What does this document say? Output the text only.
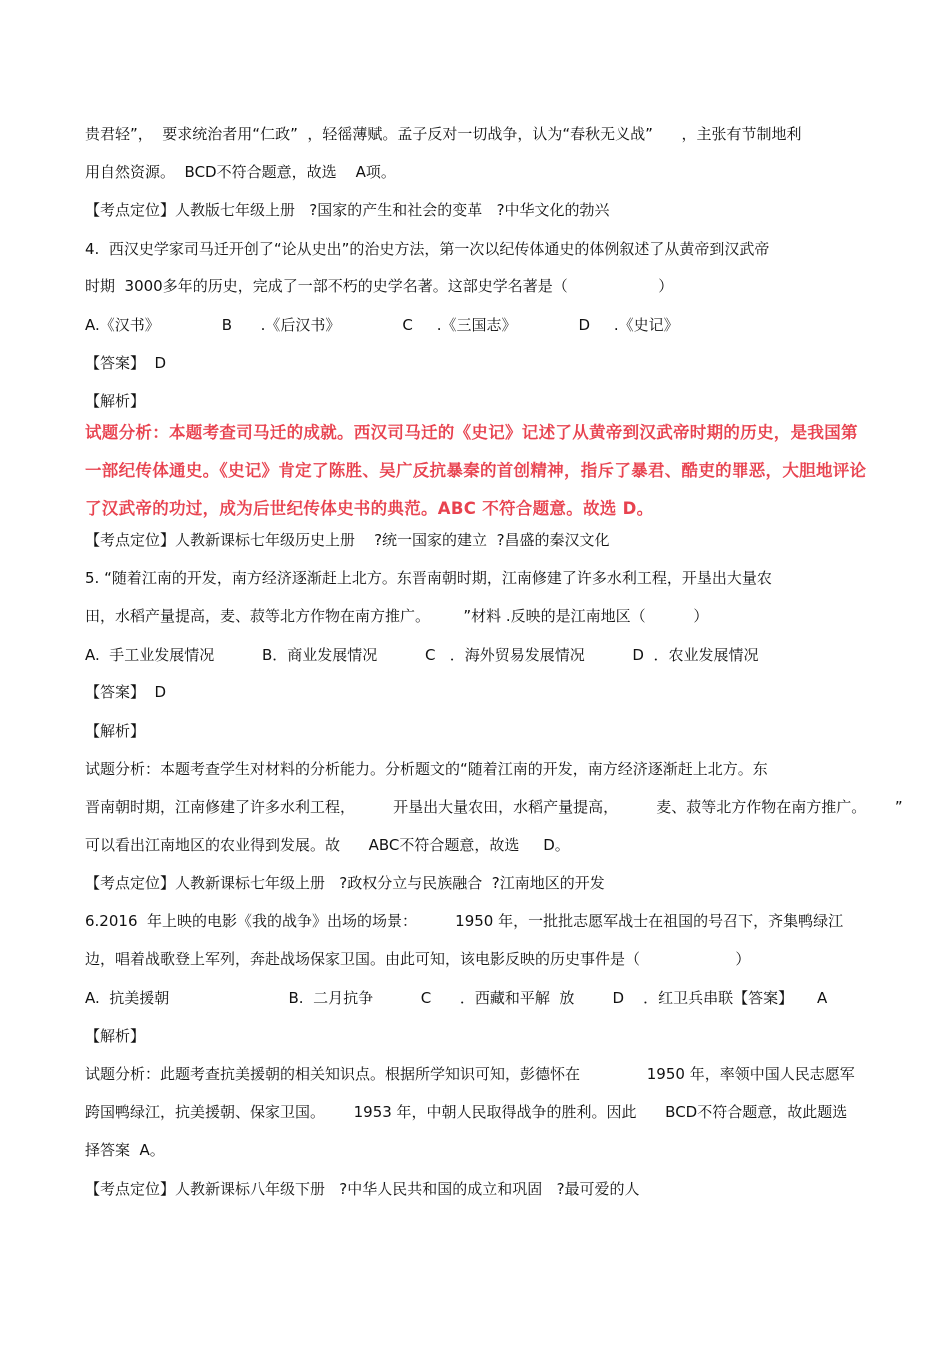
贵君轻”，  要求统治者用“仁政”  ，轻徭薄赋。孟子反对一切战争，认为“春秋无义战”      ，主张有节制地利
用自然资源。  BCD不符合题意，故选    A项。
【考点定位】人教版七年级上册   ?国家的产生和社会的变革   ?中华文化的勃兴
4.  西汉史学家司马迁开创了“论从史出”的治史方法，第一次以纪传体通史的体例叙述了从黄帝到汉武帝
时期  3000多年的历史，完成了一部不朽的史学名著。这部史学名著是（                   ）
A.《汉书》             B      .《后汉书》             C     .《三国志》             D     .《史记》
【答案】  D
【解析】
试题分析：本题考查司马迁的成就。西汉司马迁的《史记》记述了从黄帝到汉武帝时期的历史，是我国第
一部纪传体通史。《史记》肯定了陈胜、吴广反抗暴秦的首创精神，指斥了暴君、酷吏的罪恶，大胆地评论
了汉武帝的功过，成为后世纪传体史书的典范。ABC 不符合题意。故选 D。
【考点定位】人教新课标七年级历史上册    ?统一国家的建立  ?昌盛的秦汉文化
5. “随着江南的开发，南方经济逐渐赶上北方。东晋南朝时期，江南修建了许多水利工程，开垦出大量农
田，水稻产量提高，麦、菽等北方作物在南方推广。       ”材料 .反映的是江南地区（          ）
A.  手工业发展情况          B．商业发展情况          C   ．海外贸易发展情况          D  ．农业发展情况
【答案】  D
【解析】
试题分析：本题考查学生对材料的分析能力。分析题文的“随着江南的开发，南方经济逐渐赶上北方。东
晋南朝时期，江南修建了许多水利工程，        开垦出大量农田，水稻产量提高，        麦、菽等北方作物在南方推广。      ”
可以看出江南地区的农业得到发展。故      ABC不符合题意，故选     D。
【考点定位】人教新课标七年级上册   ?政权分立与民族融合  ?江南地区的开发
6.2016  年上映的电影《我的战争》出场的场景：        1950 年，一批批志愿军战士在祖国的号召下，齐集鸭绿江
边，唱着战歌登上军列，奔赴战场保家卫国。由此可知，该电影反映的历史事件是（                    ）
A.  抗美援朝                         B.  二月抗争          C      ．西藏和平解  放        D    ．红卫兵串联【答案】     A
【解析】
试题分析：此题考查抗美援朝的相关知识点。根据所学知识可知，彭德怀在              1950 年，率领中国人民志愿军
跨国鸭绿江，抗美援朝、保家卫国。      1953 年，中朝人民取得战争的胜利。因此      BCD不符合题意，故此题选
择答案  A。
【考点定位】人教新课标八年级下册   ?中华人民共和国的成立和巩固   ?最可爱的人
